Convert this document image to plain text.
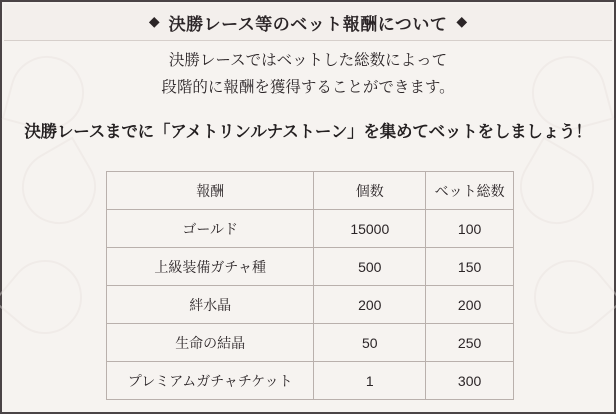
◆ 決勝レース等のベット報酬について ◆
決勝レースではベットした総数によって
段階的に報酬を獲得することができます。
決勝レースまでに「アメトリンルナストーン」を集めてベットをしましょう！
報酬	個数	ベット総数
ゴールド	15000	100
上級装備ガチャ種	500	150
絆水晶	200	200
生命の結晶	50	250
プレミアムガチャチケット	1	300
